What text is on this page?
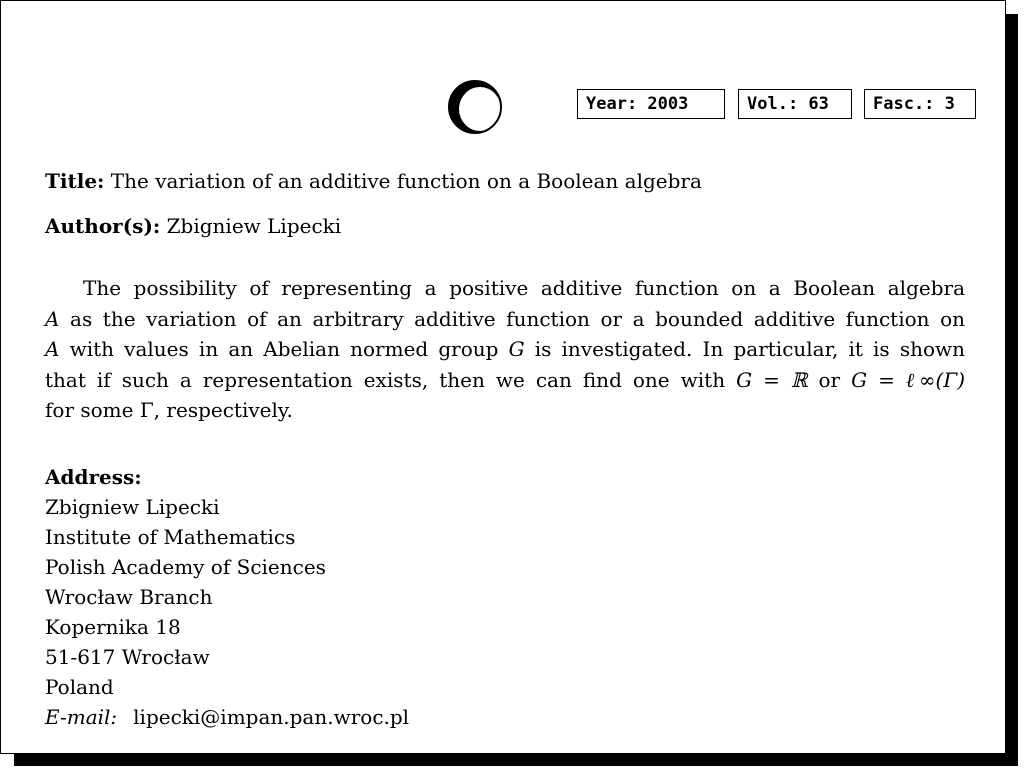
Year: 2003	Vol.: 63	Fasc.: 3
Title: The variation of an additive function on a Boolean algebra
Author(s): Zbigniew Lipecki
The possibility of representing a positive additive function on a Boolean algebra
A as the variation of an arbitrary additive function or a bounded additive function on
A with values in an Abelian normed group G is investigated. In particular, it is shown
that if such a representation exists, then we can find one with G = ℝ or G = ℓ∞(Γ)
for some Γ, respectively.
Address:
Zbigniew Lipecki
Institute of Mathematics
Polish Academy of Sciences
Wrocław Branch
Kopernika 18
51-617 Wrocław
Poland
E-mail: lipecki@impan.pan.wroc.pl
